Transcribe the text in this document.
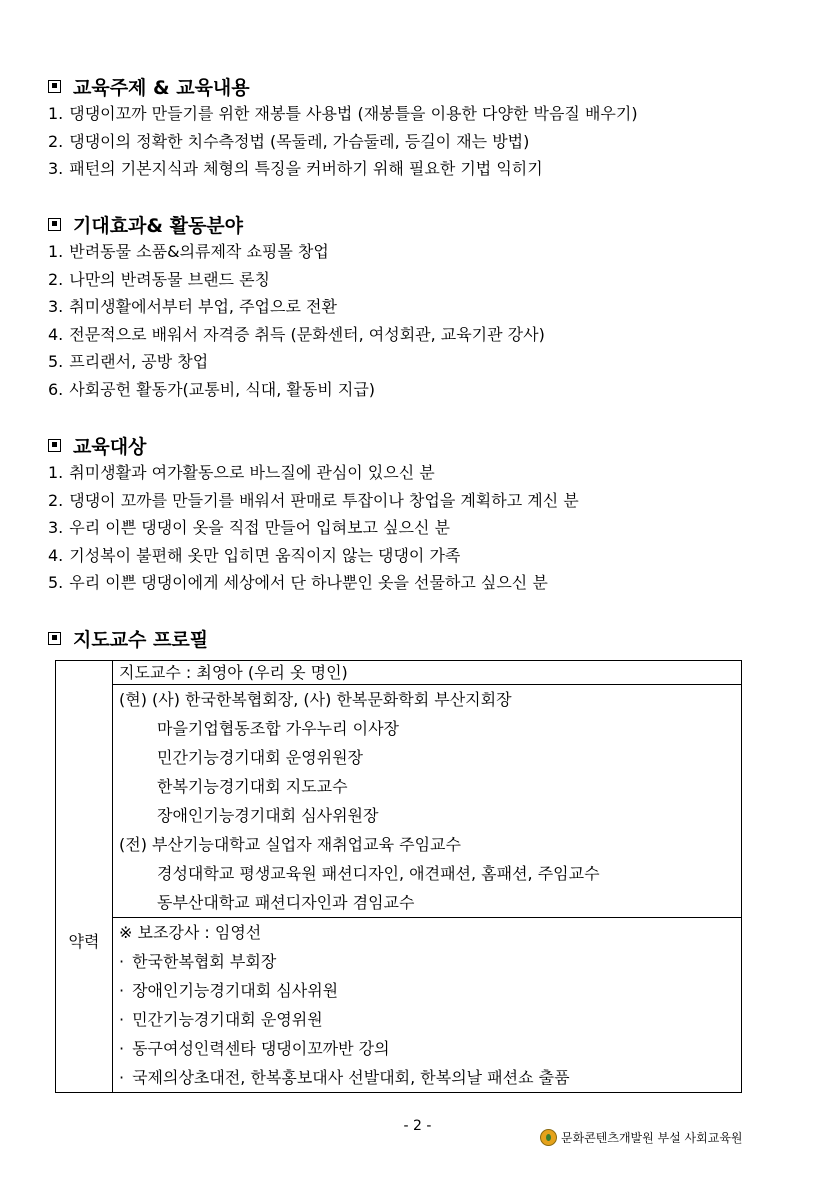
교육주제 & 교육내용
1. 댕댕이꼬까 만들기를 위한 재봉틀 사용법 (재봉틀을 이용한 다양한 박음질 배우기)
2. 댕댕이의 정확한 치수측정법 (목둘레, 가슴둘레, 등길이 재는 방법)
3. 패턴의 기본지식과 체형의 특징을 커버하기 위해 필요한 기법 익히기
기대효과& 활동분야
1. 반려동물 소품&의류제작 쇼핑몰 창업
2. 나만의 반려동물 브랜드 론칭
3. 취미생활에서부터 부업, 주업으로 전환
4. 전문적으로 배워서 자격증 취득 (문화센터, 여성회관, 교육기관 강사)
5. 프리랜서, 공방 창업
6. 사회공헌 활동가(교통비, 식대, 활동비 지급)
교육대상
1. 취미생활과 여가활동으로 바느질에 관심이 있으신 분
2. 댕댕이 꼬까를 만들기를 배워서 판매로 투잡이나 창업을 계획하고 계신 분
3. 우리 이쁜 댕댕이 옷을 직접 만들어 입혀보고 싶으신 분
4. 기성복이 불편해 옷만 입히면 움직이지 않는 댕댕이 가족
5. 우리 이쁜 댕댕이에게 세상에서 단 하나뿐인 옷을 선물하고 싶으신 분
지도교수 프로필
약력	
지도교수 : 최영아 (우리 옷 명인)

(현) (사) 한국한복협회장, (사) 한복문화학회 부산지회장
마을기업협동조합 가우누리 이사장
민간기능경기대회 운영위원장
한복기능경기대회 지도교수
장애인기능경기대회 심사위원장
(전) 부산기능대학교 실업자 재취업교육 주임교수
경성대학교 평생교육원 패션디자인, 애견패션, 홈패션, 주임교수
동부산대학교 패션디자인과 겸임교수

※ 보조강사 : 임영선
· 한국한복협회 부회장
· 장애인기능경기대회 심사위원
· 민간기능경기대회 운영위원
· 동구여성인력센타 댕댕이꼬까반 강의
· 국제의상초대전, 한복홍보대사 선발대회, 한복의날 패션쇼 출품
- 2 -
문화콘텐츠개발원 부설 사회교육원
